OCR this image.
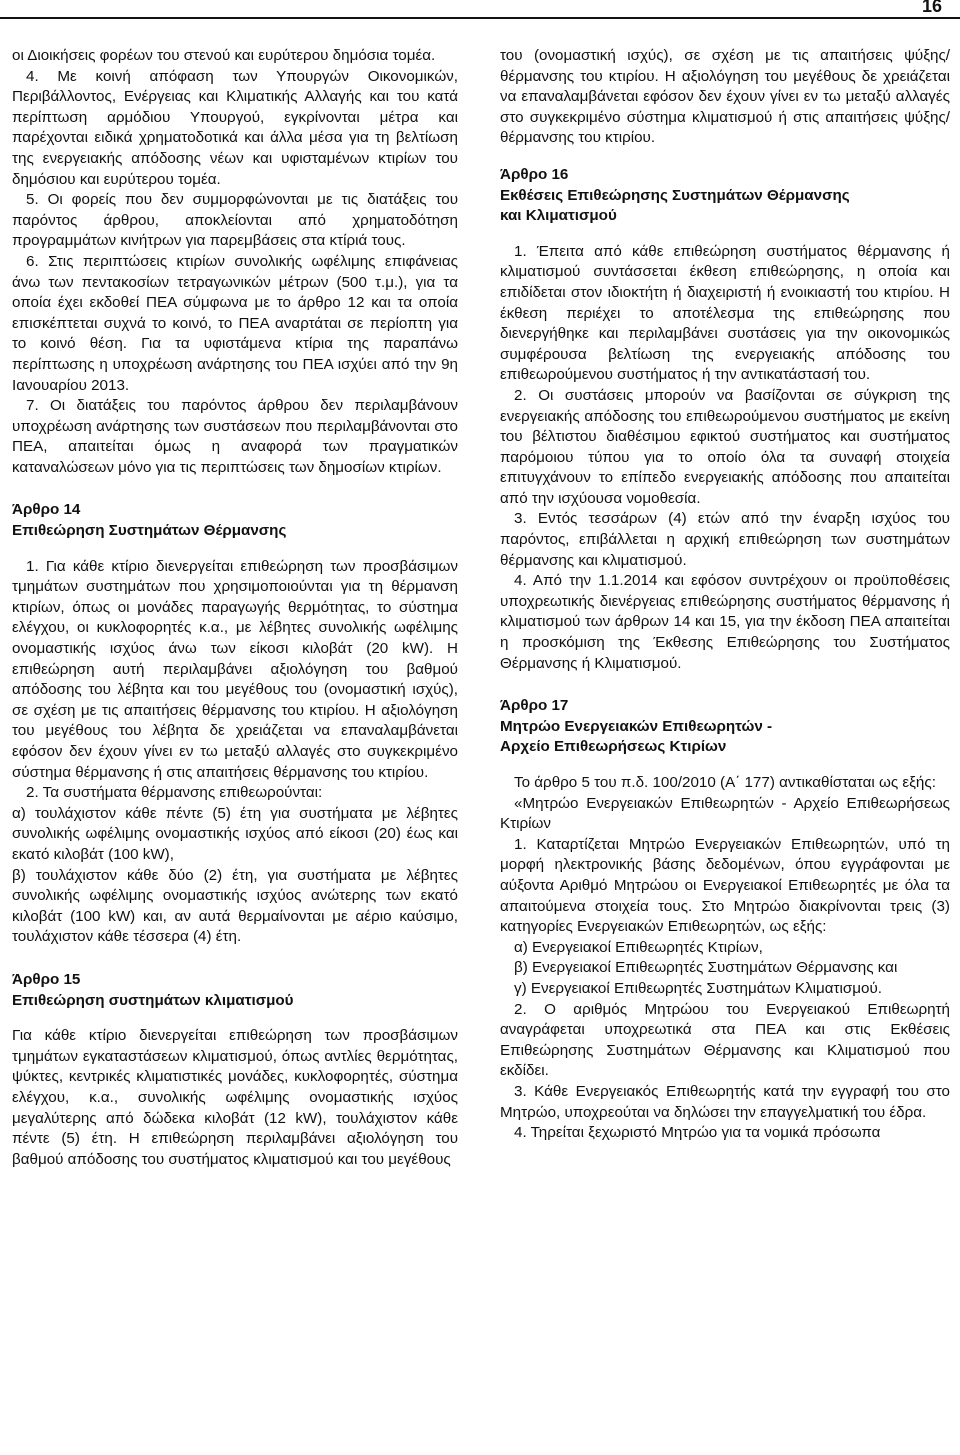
16

οι Διοικήσεις φορέων του στενού και ευρύτερου δημόσια τομέα.

4. Με κοινή απόφαση των Υπουργών Οικονομικών, Περιβάλλοντος, Ενέργειας και Κλιματικής Αλλαγής και του κατά περίπτωση αρμόδιου Υπουργού, εγκρίνονται μέτρα και παρέχονται ειδικά χρηματοδοτικά και άλλα μέσα για τη βελτίωση της ενεργειακής απόδοσης νέων και υφισταμένων κτιρίων του δημόσιου και ευρύτερου τομέα.

5. Οι φορείς που δεν συμμορφώνονται με τις διατάξεις του παρόντος άρθρου, αποκλείονται από χρηματοδότηση προγραμμάτων κινήτρων για παρεμβάσεις στα κτίριά τους.

6. Στις περιπτώσεις κτιρίων συνολικής ωφέλιμης επιφάνειας άνω των πεντακοσίων τετραγωνικών μέτρων (500 τ.μ.), για τα οποία έχει εκδοθεί ΠΕΑ σύμφωνα με το άρθρο 12 και τα οποία επισκέπτεται συχνά το κοινό, το ΠΕΑ αναρτάται σε περίοπτη για το κοινό θέση. Για τα υφιστάμενα κτίρια της παραπάνω περίπτωσης η υποχρέωση ανάρτησης του ΠΕΑ ισχύει από την 9η Ιανουαρίου 2013.

7. Οι διατάξεις του παρόντος άρθρου δεν περιλαμβάνουν υποχρέωση ανάρτησης των συστάσεων που περιλαμβάνονται στο ΠΕΑ, απαιτείται όμως η αναφορά των πραγματικών καταναλώσεων μόνο για τις περιπτώσεις των δημοσίων κτιρίων.

Άρθρο 14
Επιθεώρηση Συστημάτων Θέρμανσης

1. Για κάθε κτίριο διενεργείται επιθεώρηση των προσβάσιμων τμημάτων συστημάτων που χρησιμοποιούνται για τη θέρμανση κτιρίων, όπως οι μονάδες παραγωγής θερμότητας, το σύστημα ελέγχου, οι κυκλοφορητές κ.α., με λέβητες συνολικής ωφέλιμης ονομαστικής ισχύος άνω των είκοσι κιλοβάτ (20 kW). Η επιθεώρηση αυτή περιλαμβάνει αξιολόγηση του βαθμού απόδοσης του λέβητα και του μεγέθους του (ονομαστική ισχύς), σε σχέση με τις απαιτήσεις θέρμανσης του κτιρίου. Η αξιολόγηση του μεγέθους του λέβητα δε χρειάζεται να επαναλαμβάνεται εφόσον δεν έχουν γίνει εν τω μεταξύ αλλαγές στο συγκεκριμένο σύστημα θέρμανσης ή στις απαιτήσεις θέρμανσης του κτιρίου.

2. Τα συστήματα θέρμανσης επιθεωρούνται:

α) τουλάχιστον κάθε πέντε (5) έτη για συστήματα με λέβητες συνολικής ωφέλιμης ονομαστικής ισχύος από είκοσι (20) έως και εκατό κιλοβάτ (100 kW),

β) τουλάχιστον κάθε δύο (2) έτη, για συστήματα με λέβητες συνολικής ωφέλιμης ονομαστικής ισχύος ανώτερης των εκατό κιλοβάτ (100 kW) και, αν αυτά θερμαίνονται με αέριο καύσιμο, τουλάχιστον κάθε τέσσερα (4) έτη.

Άρθρο 15
Επιθεώρηση συστημάτων κλιματισμού

Για κάθε κτίριο διενεργείται επιθεώρηση των προσβάσιμων τμημάτων εγκαταστάσεων κλιματισμού, όπως αντλίες θερμότητας, ψύκτες, κεντρικές κλιματιστικές μονάδες, κυκλοφορητές, σύστημα ελέγχου, κ.α., συνολικής ωφέλιμης ονομαστικής ισχύος μεγαλύτερης από δώδεκα κιλοβάτ (12 kW), τουλάχιστον κάθε πέντε (5) έτη. Η επιθεώρηση περιλαμβάνει αξιολόγηση του βαθμού απόδοσης του συστήματος κλιματισμού και του μεγέθους

του (ονομαστική ισχύς), σε σχέση με τις απαιτήσεις ψύξης/θέρμανσης του κτιρίου. Η αξιολόγηση του μεγέθους δε χρειάζεται να επαναλαμβάνεται εφόσον δεν έχουν γίνει εν τω μεταξύ αλλαγές στο συγκεκριμένο σύστημα κλιματισμού ή στις απαιτήσεις ψύξης/θέρμανσης του κτιρίου.

Άρθρο 16
Εκθέσεις Επιθεώρησης Συστημάτων Θέρμανσης
και Κλιματισμού

1. Έπειτα από κάθε επιθεώρηση συστήματος θέρμανσης ή κλιματισμού συντάσσεται έκθεση επιθεώρησης, η οποία και επιδίδεται στον ιδιοκτήτη ή διαχειριστή ή ενοικιαστή του κτιρίου. Η έκθεση περιέχει το αποτέλεσμα της επιθεώρησης που διενεργήθηκε και περιλαμβάνει συστάσεις για την οικονομικώς συμφέρουσα βελτίωση της ενεργειακής απόδοσης του επιθεωρούμενου συστήματος ή την αντικατάστασή του.

2. Οι συστάσεις μπορούν να βασίζονται σε σύγκριση της ενεργειακής απόδοσης του επιθεωρούμενου συστήματος με εκείνη του βέλτιστου διαθέσιμου εφικτού συστήματος και συστήματος παρόμοιου τύπου για το οποίο όλα τα συναφή στοιχεία επιτυγχάνουν το επίπεδο ενεργειακής απόδοσης που απαιτείται από την ισχύουσα νομοθεσία.

3. Εντός τεσσάρων (4) ετών από την έναρξη ισχύος του παρόντος, επιβάλλεται η αρχική επιθεώρηση των συστημάτων θέρμανσης και κλιματισμού.

4. Από την 1.1.2014 και εφόσον συντρέχουν οι προϋποθέσεις υποχρεωτικής διενέργειας επιθεώρησης συστήματος θέρμανσης ή κλιματισμού των άρθρων 14 και 15, για την έκδοση ΠΕΑ απαιτείται η προσκόμιση της Έκθεσης Επιθεώρησης του Συστήματος Θέρμανσης ή Κλιματισμού.

Άρθρο 17
Μητρώο Ενεργειακών Επιθεωρητών -
Αρχείο Επιθεωρήσεως Κτιρίων

Το άρθρο 5 του π.δ. 100/2010 (Α΄ 177) αντικαθίσταται ως εξής:

«Μητρώο Ενεργειακών Επιθεωρητών - Αρχείο Επιθεωρήσεως Κτιρίων

1. Καταρτίζεται Μητρώο Ενεργειακών Επιθεωρητών, υπό τη μορφή ηλεκτρονικής βάσης δεδομένων, όπου εγγράφονται με αύξοντα Αριθμό Μητρώου οι Ενεργειακοί Επιθεωρητές με όλα τα απαιτούμενα στοιχεία τους. Στο Μητρώο διακρίνονται τρεις (3) κατηγορίες Ενεργειακών Επιθεωρητών, ως εξής:

α) Ενεργειακοί Επιθεωρητές Κτιρίων,

β) Ενεργειακοί Επιθεωρητές Συστημάτων Θέρμανσης και

γ) Ενεργειακοί Επιθεωρητές Συστημάτων Κλιματισμού.

2. Ο αριθμός Μητρώου του Ενεργειακού Επιθεωρητή αναγράφεται υποχρεωτικά στα ΠΕΑ και στις Εκθέσεις Επιθεώρησης Συστημάτων Θέρμανσης και Κλιματισμού που εκδίδει.

3. Κάθε Ενεργειακός Επιθεωρητής κατά την εγγραφή του στο Μητρώο, υποχρεούται να δηλώσει την επαγγελματική του έδρα.

4. Τηρείται ξεχωριστό Μητρώο για τα νομικά πρόσωπα
